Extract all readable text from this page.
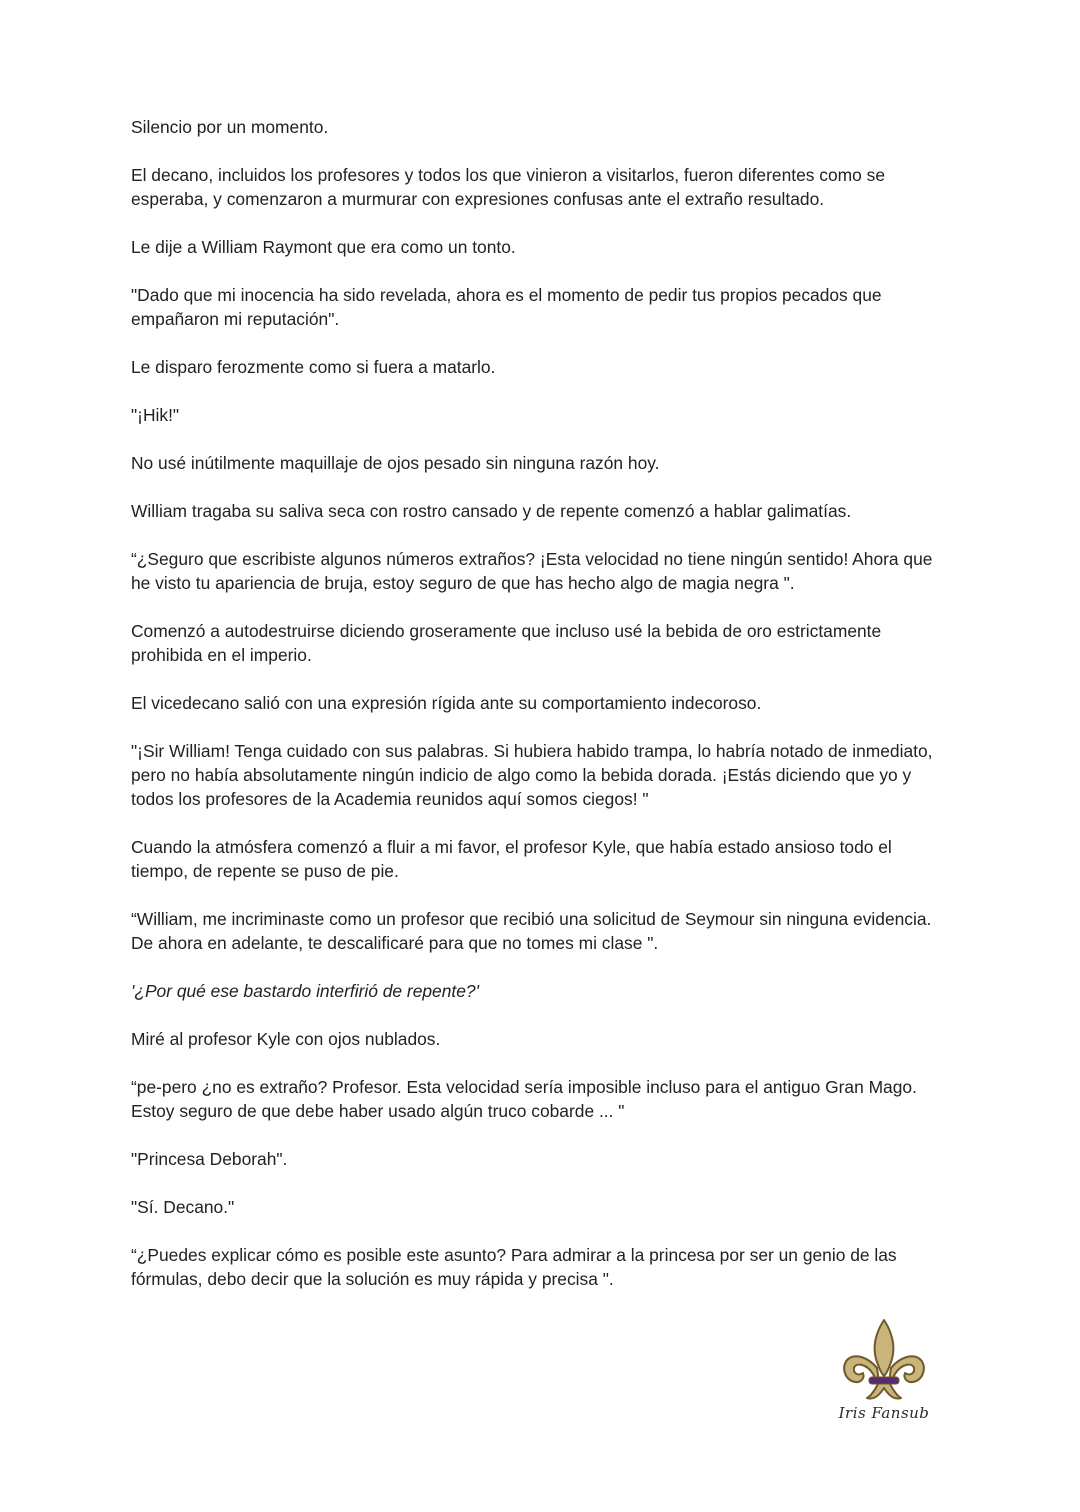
Silencio por un momento.

El decano, incluidos los profesores y todos los que vinieron a visitarlos, fueron diferentes como se esperaba, y comenzaron a murmurar con expresiones confusas ante el extraño resultado.

Le dije a William Raymont que era como un tonto.

"Dado que mi inocencia ha sido revelada, ahora es el momento de pedir tus propios pecados que empañaron mi reputación".

Le disparo ferozmente como si fuera a matarlo.

"¡Hik!"

No usé inútilmente maquillaje de ojos pesado sin ninguna razón hoy.

William tragaba su saliva seca con rostro cansado y de repente comenzó a hablar galimatías.

“¿Seguro que escribiste algunos números extraños? ¡Esta velocidad no tiene ningún sentido! Ahora que he visto tu apariencia de bruja, estoy seguro de que has hecho algo de magia negra ".

Comenzó a autodestruirse diciendo groseramente que incluso usé la bebida de oro estrictamente prohibida en el imperio.

El vicedecano salió con una expresión rígida ante su comportamiento indecoroso.

"¡Sir William! Tenga cuidado con sus palabras. Si hubiera habido trampa, lo habría notado de inmediato, pero no había absolutamente ningún indicio de algo como la bebida dorada. ¡Estás diciendo que yo y todos los profesores de la Academia reunidos aquí somos ciegos! "

Cuando la atmósfera comenzó a fluir a mi favor, el profesor Kyle, que había estado ansioso todo el tiempo, de repente se puso de pie.

“William, me incriminaste como un profesor que recibió una solicitud de Seymour sin ninguna evidencia. De ahora en adelante, te descalificaré para que no tomes mi clase ".

'¿Por qué ese bastardo interfirió de repente?'

Miré al profesor Kyle con ojos nublados.

“pe-pero ¿no es extraño? Profesor. Esta velocidad sería imposible incluso para el antiguo Gran Mago. Estoy seguro de que debe haber usado algún truco cobarde ... "

"Princesa Deborah".

"Sí. Decano."

“¿Puedes explicar cómo es posible este asunto? Para admirar a la princesa por ser un genio de las fórmulas, debo decir que la solución es muy rápida y precisa ".

Iris Fansub
